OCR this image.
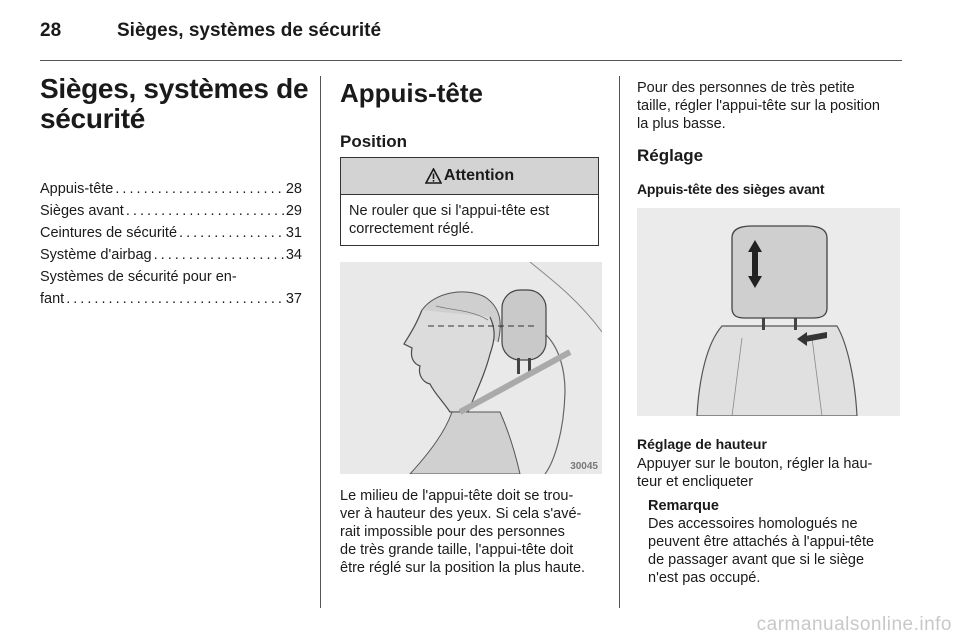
28	Sièges, systèmes de sécurité
Sièges, systèmes de sécurité
Appuis-tête . . .	28
Sièges avant . . .	29
Ceintures de sécurité . . .	31
Système d'airbag . . .	34
Systèmes de sécurité pour en-
fant . . .	37
Appuis-tête
Position
Attention
Ne rouler que si l'appui-tête est correctement réglé.
30045
Le milieu de l'appui-tête doit se trou-
ver à hauteur des yeux. Si cela s'avé-
rait impossible pour des personnes
de très grande taille, l'appui-tête doit
être réglé sur la position la plus haute.
Pour des personnes de très petite
taille, régler l'appui-tête sur la position
la plus basse.
Réglage
Appuis-tête des sièges avant
Réglage de hauteur
Appuyer sur le bouton, régler la hau-
teur et encliqueter
Remarque
Des accessoires homologués ne
peuvent être attachés à l'appui-tête
de passager avant que si le siège
n'est pas occupé.
carmanualsonline.info
